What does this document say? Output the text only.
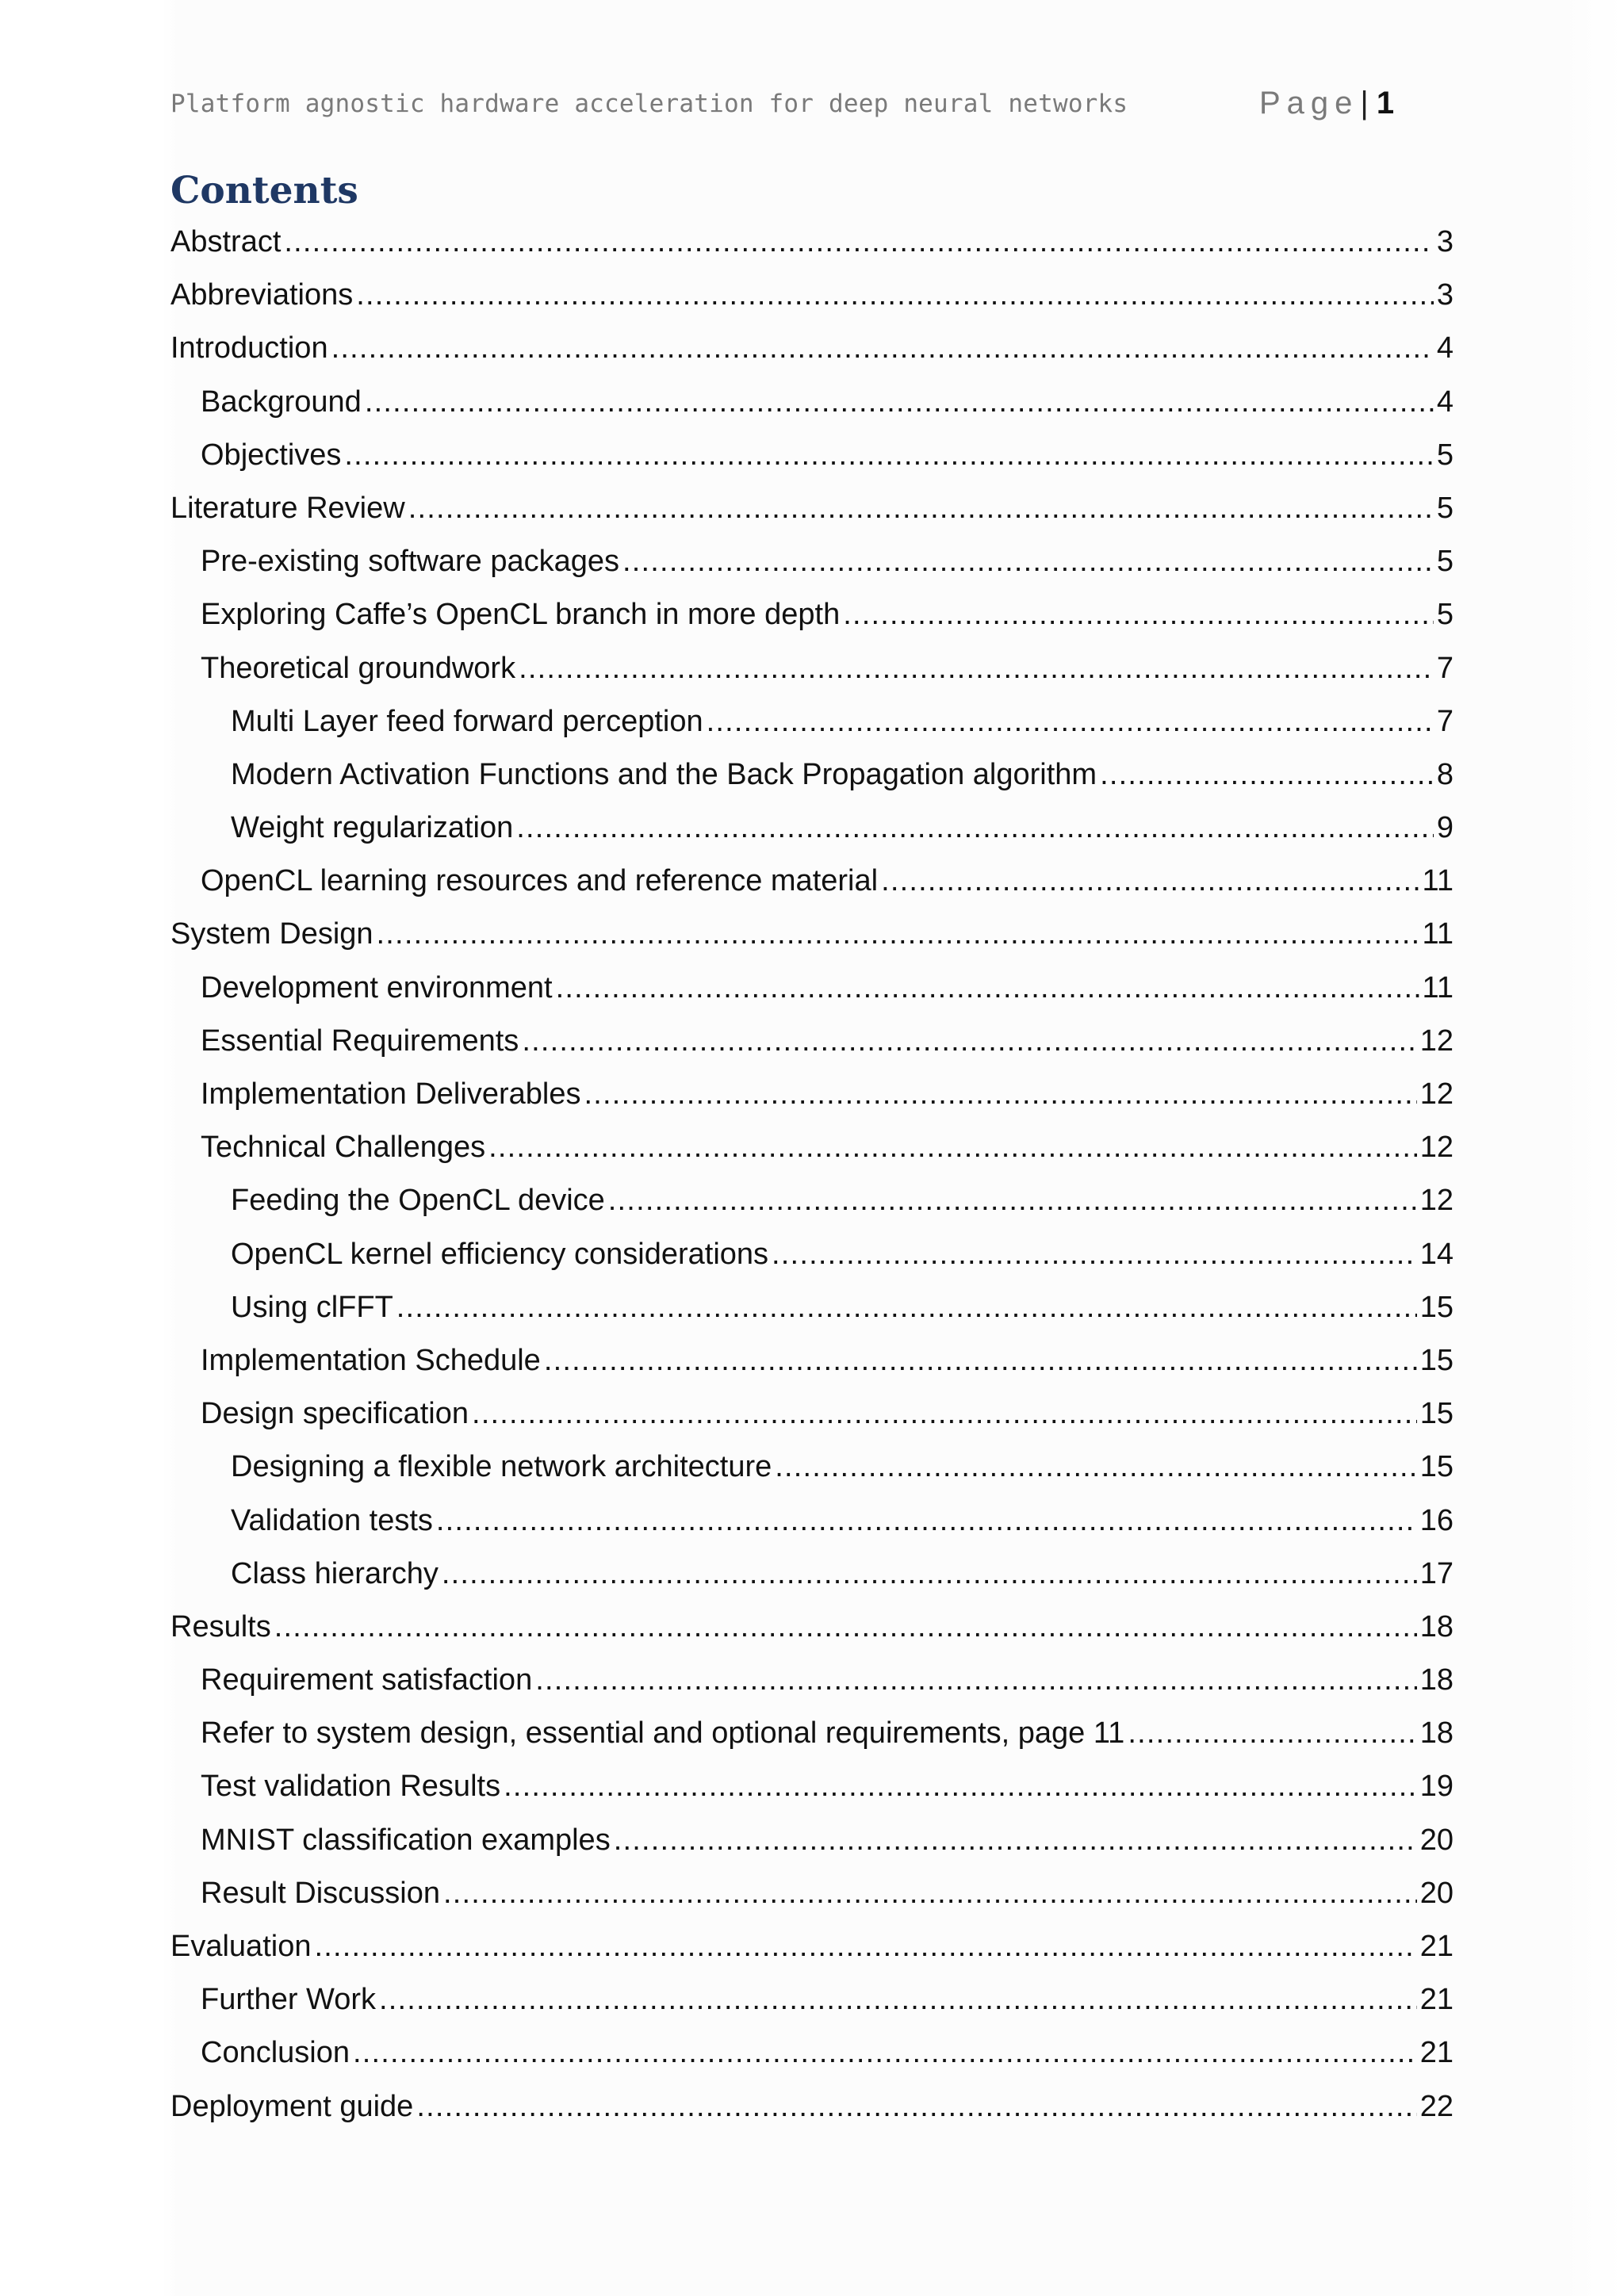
Platform agnostic hardware acceleration for deep neural networks	Page| 1
Contents
Abstract .....	3
Abbreviations .....	3
Introduction .....	4
Background .....	4
Objectives .....	5
Literature Review .....	5
Pre-existing software packages .....	5
Exploring Caffe’s OpenCL branch in more depth .....	5
Theoretical groundwork .....	7
Multi Layer feed forward perception .....	7
Modern Activation Functions and the Back Propagation algorithm .....	8
Weight regularization .....	9
OpenCL learning resources and reference material .....	11
System Design .....	11
Development environment .....	11
Essential Requirements .....	12
Implementation Deliverables .....	12
Technical Challenges .....	12
Feeding the OpenCL device .....	12
OpenCL kernel efficiency considerations .....	14
Using clFFT .....	15
Implementation Schedule .....	15
Design specification .....	15
Designing a flexible network architecture .....	15
Validation tests .....	16
Class hierarchy .....	17
Results .....	18
Requirement satisfaction .....	18
Refer to system design, essential and optional requirements, page 11 .....	18
Test validation Results .....	19
MNIST classification examples .....	20
Result Discussion .....	20
Evaluation .....	21
Further Work .....	21
Conclusion .....	21
Deployment guide .....	22
